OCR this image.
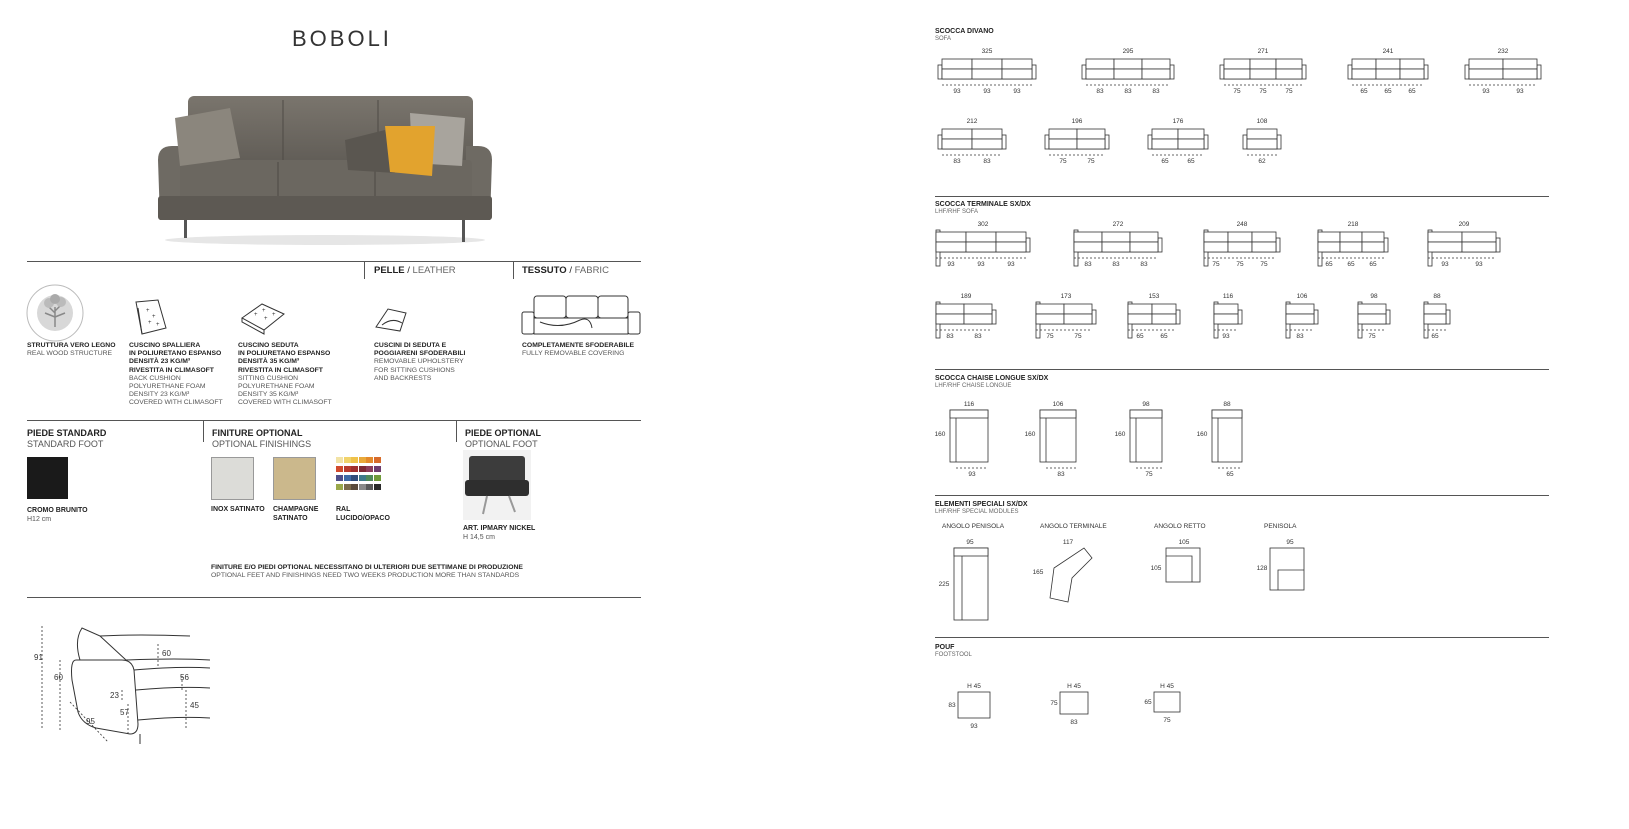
BOBOLI
PELLE / LEATHER	TESSUTO / FABRIC
+
+
+ +
+
+
+
+
STRUTTURA VERO LEGNO
REAL WOOD STRUCTURE
CUSCINO SPALLIERA
IN POLIURETANO ESPANSO
DENSITÀ 23 KG/M³
RIVESTITA IN CLIMASOFT
BACK CUSHION
POLYURETHANE FOAM
DENSITY 23 KG/M³
COVERED WITH CLIMASOFT
CUSCINO SEDUTA
IN POLIURETANO ESPANSO
DENSITÀ 35 KG/M³
RIVESTITA IN CLIMASOFT
SITTING CUSHION
POLYURETHANE FOAM
DENSITY 35 KG/M³
COVERED WITH CLIMASOFT
CUSCINI DI SEDUTA E
POGGIARENI SFODERABILI
REMOVABLE UPHOLSTERY
FOR SITTING CUSHIONS
AND BACKRESTS
COMPLETAMENTE SFODERABILE
FULLY REMOVABLE COVERING
PIEDE STANDARD
STANDARD FOOT
FINITURE OPTIONAL
OPTIONAL FINISHINGS
PIEDE OPTIONAL
OPTIONAL FOOT
CROMO BRUNITO
H12 cm
INOX SATINATO CHAMPAGNE
SATINATO
RAL
LUCIDO/OPACO
ART. IPMARY NICKEL
H 14,5 cm
FINITURE E/O PIEDI OPTIONAL NECESSITANO DI ULTERIORI DUE SETTIMANE DI PRODUZIONE
OPTIONAL FEET AND FINISHINGS NEED TWO WEEKS PRODUCTION MORE THAN STANDARDS
91
60
60
56
45
23
57
95
SCOCCA DIVANO
SOFA
325
93	93	93
295
83	83	83
271
75	75	75
241
65	65	65
232
93	93
212
83	83
196
75	75
176
65	65
108
62
SCOCCA TERMINALE SX/DX
LHF/RHF SOFA
302
93	93	93
272
83	83	83
248
75	75	75
218
65 65 65
209
93	93
189
83	83
173
75	75
153
65	65
116
93
106
83
98
75
88
65
SCOCCA CHAISE LONGUE SX/DX
LHF/RHF CHAISE LONGUE
116
160
93
106
160
83
98
160
75
88
160
65
ELEMENTI SPECIALI SX/DX
LHF/RHF SPECIAL MODULES
ANGOLO PENISOLA
95
225
ANGOLO TERMINALE
117
165
ANGOLO RETTO
105
105
PENISOLA
95
128
POUF
FOOTSTOOL
H 45
83
93
H 45
75
83
H 45
65
75
